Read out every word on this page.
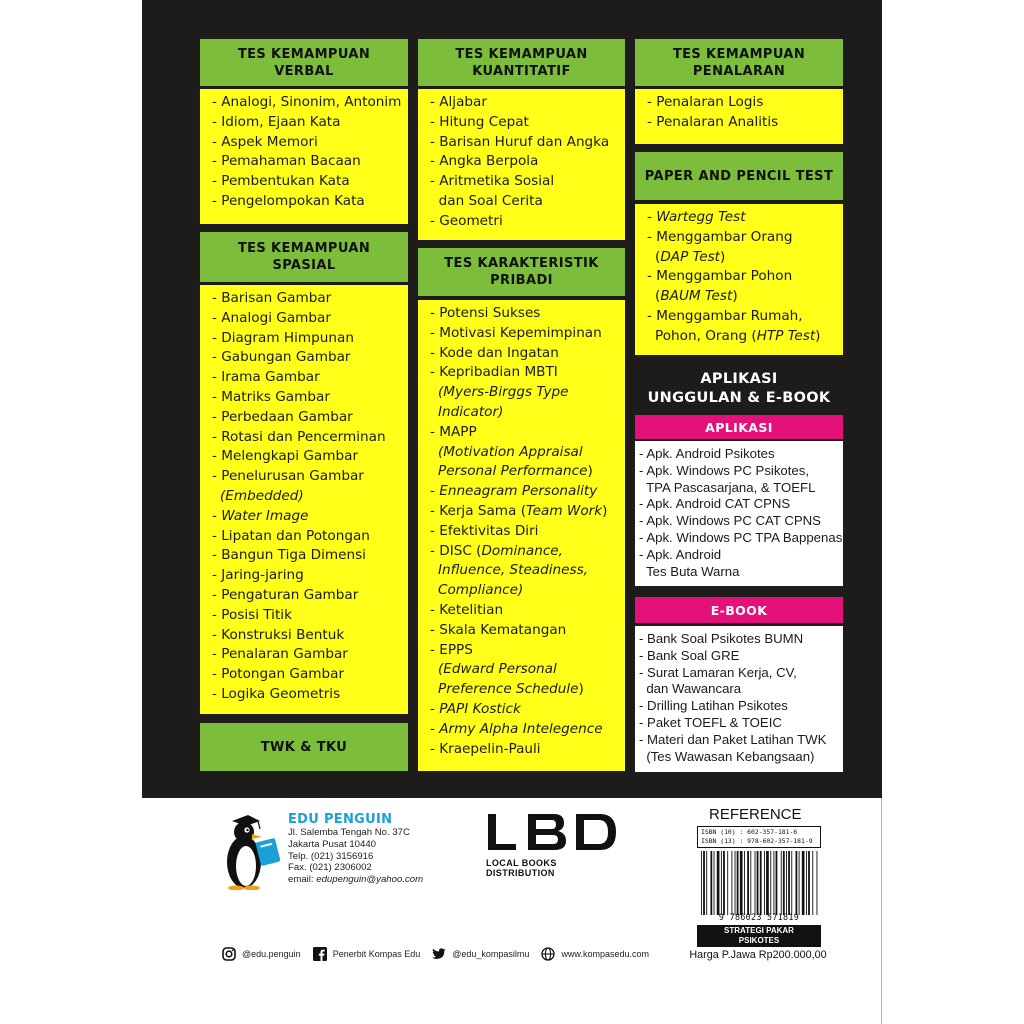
TES KEMAMPUAN VERBAL
- Analogi, Sinonim, Antonim
- Idiom, Ejaan Kata
- Aspek Memori
- Pemahaman Bacaan
- Pembentukan Kata
- Pengelompokan Kata
TES KEMAMPUAN SPASIAL
- Barisan Gambar
- Analogi Gambar
- Diagram Himpunan
- Gabungan Gambar
- Irama Gambar
- Matriks Gambar
- Perbedaan Gambar
- Rotasi dan Pencerminan
- Melengkapi Gambar
- Penelurusan Gambar
(Embedded)
- Water Image
- Lipatan dan Potongan
- Bangun Tiga Dimensi
- Jaring-jaring
- Pengaturan Gambar
- Posisi Titik
- Konstruksi Bentuk
- Penalaran Gambar
- Potongan Gambar
- Logika Geometris
TWK & TKU
TES KEMAMPUAN KUANTITATIF
- Aljabar
- Hitung Cepat
- Barisan Huruf dan Angka
- Angka Berpola
- Aritmetika Sosial
dan Soal Cerita
- Geometri
TES KARAKTERISTIK PRIBADI
- Potensi Sukses
- Motivasi Kepemimpinan
- Kode dan Ingatan
- Kepribadian MBTI
(Myers-Birggs Type
Indicator)
- MAPP
(Motivation Appraisal
Personal Performance)
- Enneagram Personality
- Kerja Sama (Team Work)
- Efektivitas Diri
- DISC (Dominance,
Influence, Steadiness,
Compliance)
- Ketelitian
- Skala Kematangan
- EPPS
(Edward Personal
Preference Schedule)
- PAPI Kostick
- Army Alpha Intelegence
- Kraepelin-Pauli
TES KEMAMPUAN PENALARAN
- Penalaran Logis
- Penalaran Analitis
PAPER AND PENCIL TEST
- Wartegg Test
- Menggambar Orang
(DAP Test)
- Menggambar Pohon
(BAUM Test)
- Menggambar Rumah,
Pohon, Orang (HTP Test)
APLIKASI
UNGGULAN & E-BOOK
APLIKASI
- Apk. Android Psikotes
- Apk. Windows PC Psikotes,
TPA Pascasarjana, & TOEFL
- Apk. Android CAT CPNS
- Apk. Windows PC CAT CPNS
- Apk. Windows PC TPA Bappenas
- Apk. Android
Tes Buta Warna
E-BOOK
- Bank Soal Psikotes BUMN
- Bank Soal GRE
- Surat Lamaran Kerja, CV,
dan Wawancara
- Drilling Latihan Psikotes
- Paket TOEFL & TOEIC
- Materi dan Paket Latihan TWK
(Tes Wawasan Kebangsaan)
EDU PENGUIN
Jl. Salemba Tengah No. 37C
Jakarta Pusat 10440
Telp. (021) 3156916
Fax. (021) 2306002
email: edupenguin@yahoo.com
LOCAL BOOKS DISTRIBUTION
REFERENCE
ISBN (10) : 602-357-181-6
ISBN (13) : 978-602-357-181-9
9 786023 571819
STRATEGI PAKAR
PSIKOTES
Harga P.Jawa Rp200.000,00
@edu.penguin	Penerbit Kompas Edu	@edu_kompasilmu	www.kompasedu.com
